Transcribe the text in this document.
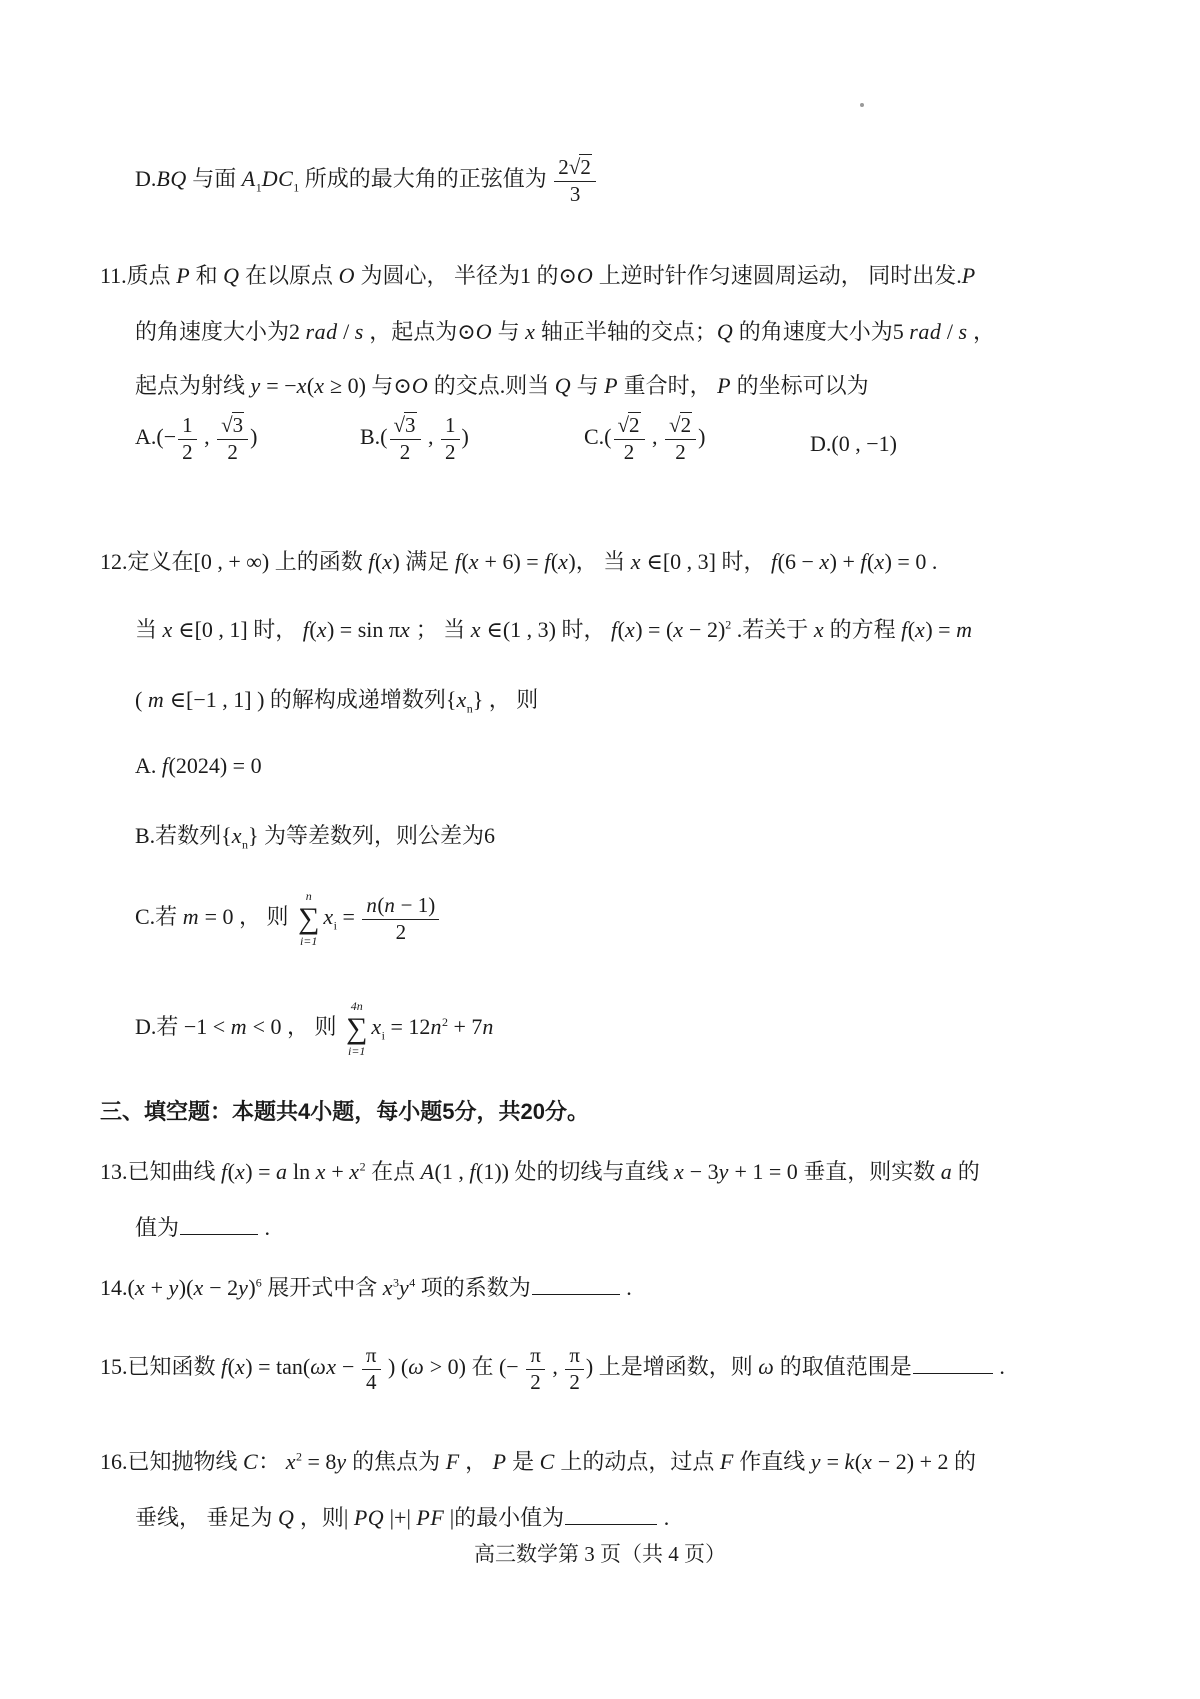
D.BQ 与面 $A_1DC_1$ 所成的最大角的正弦值为 $\frac{2√2}{3}$
11.质点 P 和 Q 在以原点 O 为圆心， 半径为1 的⊙O 上逆时针作匀速圆周运动， 同时出发.P
的角速度大小为2 rad / s ，起点为⊙O 与 x 轴正半轴的交点；Q 的角速度大小为5 rad / s ，
起点为射线 y = −x(x ≥ 0) 与⊙O 的交点.则当 Q 与 P 重合时， P 的坐标可以为
$A.(- \frac{1}{2}$ , $\frac{√3}{2}$ )	$B.( \frac{√3}{2}$ , $\frac{1}{2}$ )	$C.( \frac{√2}{2}$ , $\frac{√2}{2}$ )	D.(0 , −1)
12.定义在[0 , + ∞) 上的函数 f(x) 满足 f(x + 6) = f(x)， 当 x ∈[0 , 3] 时， f(6 − x) + f(x) = 0 .
当 x ∈[0 , 1] 时， f(x) = sin πx ； 当 x ∈(1 , 3) 时， $f(x) = (x - 2)^2$ .若关于 x 的方程 f(x) = m
( m ∈[−1 , 1] ) 的解构成递增数列$\{x_n\}$ ， 则
A. f(2024) = 0
B.若数列$\{x_n\}$ 为等差数列，则公差为6
C.若 m = 0 ， 则
n
∑
i=1
$x_i = \frac{n(n - 1)}{2}$
D.若 −1 < m < 0 ， 则
4n
∑
i=1
$x_i = 12n^2 + 7n$
三、填空题：本题共4小题，每小题5分，共20分。
13.已知曲线 f(x) = a $\ln x + x^2$ 在点 A(1 , f(1)) 处的切线与直线 x − 3y + 1 = 0 垂直，则实数 a 的
值为	.
$14.(x + y)(x - 2y)^6$ 展开式中含 $x^3y^4$ 项的系数为	.
15.已知函数 $f(x) = \tan(\omega x - \frac{\pi}{4}$ ) (ω > 0) 在 (− $\frac{\pi}{2}$ , $\frac{\pi}{2}$ ) 上是增函数，则 ω 的取值范围是	.
16.已知抛物线 C： $x^2 = 8y$ 的焦点为 F ， P 是 C 上的动点，过点 F 作直线 y = k(x − 2) + 2 的
垂线， 垂足为 Q ，则| PQ |+| PF |的最小值为	.
高三数学第 3 页（共 4 页）
